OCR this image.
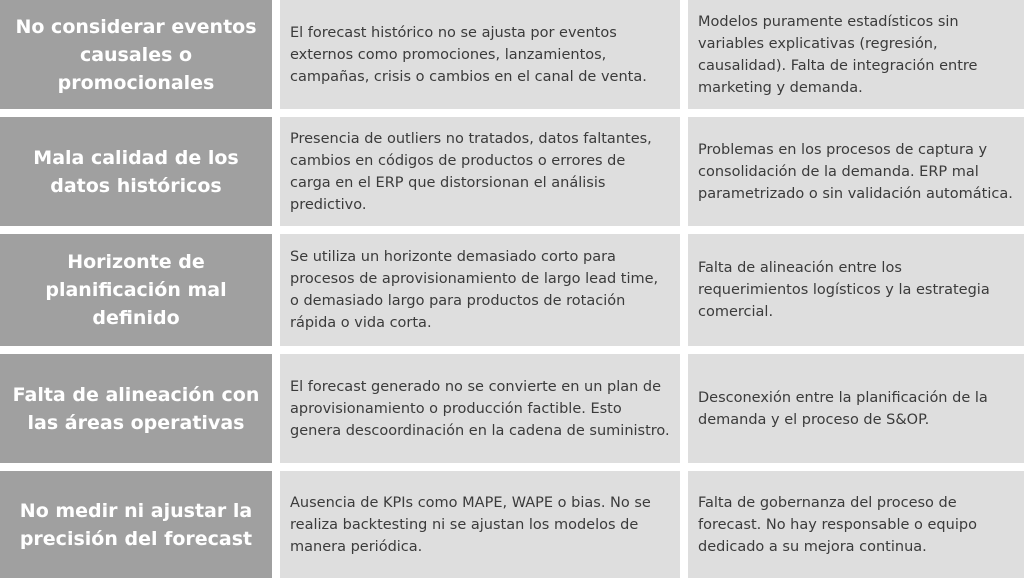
No considerar eventos causales o promocionales
El forecast histórico no se ajusta por eventos externos como promociones, lanzamientos, campañas, crisis o cambios en el canal de venta.
Modelos puramente estadísticos sin variables explicativas (regresión, causalidad). Falta de integración entre marketing y demanda.
Mala calidad de los datos históricos
Presencia de outliers no tratados, datos faltantes, cambios en códigos de productos o errores de carga en el ERP que distorsionan el análisis predictivo.
Problemas en los procesos de captura y consolidación de la demanda. ERP mal parametrizado o sin validación automática.
Horizonte de planificación mal definido
Se utiliza un horizonte demasiado corto para procesos de aprovisionamiento de largo lead time, o demasiado largo para productos de rotación rápida o vida corta.
Falta de alineación entre los requerimientos logísticos y la estrategia comercial.
Falta de alineación con las áreas operativas
El forecast generado no se convierte en un plan de aprovisionamiento o producción factible. Esto genera descoordinación en la cadena de suministro.
Desconexión entre la planificación de la demanda y el proceso de S&OP.
No medir ni ajustar la precisión del forecast
Ausencia de KPIs como MAPE, WAPE o bias. No se realiza backtesting ni se ajustan los modelos de manera periódica.
Falta de gobernanza del proceso de forecast. No hay responsable o equipo dedicado a su mejora continua.
